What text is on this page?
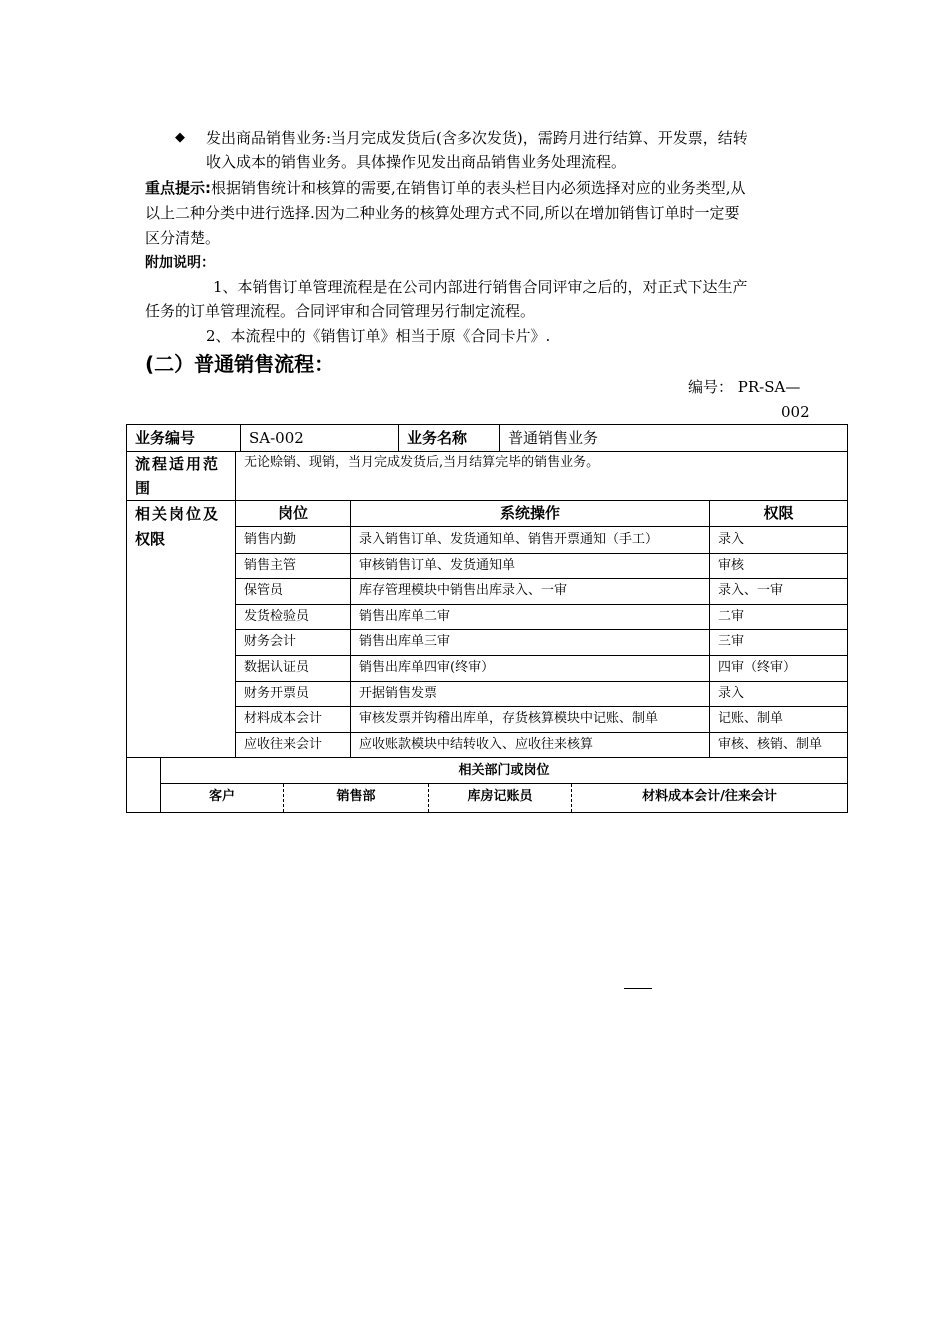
◆ 发出商品销售业务:当月完成发货后(含多次发货)，需跨月进行结算、开发票，结转
收入成本的销售业务。具体操作见发出商品销售业务处理流程。
重点提示:根据销售统计和核算的需要,在销售订单的表头栏目内必须选择对应的业务类型,从
以上二种分类中进行选择.因为二种业务的核算处理方式不同,所以在增加销售订单时一定要
区分清楚。
附加说明：
1、本销售订单管理流程是在公司内部进行销售合同评审之后的，对正式下达生产
任务的订单管理流程。合同评审和合同管理另行制定流程。
2、本流程中的《销售订单》相当于原《合同卡片》.
(二）普通销售流程：
编号： PR-SA—
002
业务编号	SA-002	业务名称	普通销售业务
流程适用范
围
无论赊销、现销，当月完成发货后,当月结算完毕的销售业务。
相关岗位及
权限
岗位	系统操作	权限
销售内勤	录入销售订单、发货通知单、销售开票通知（手工）	录入
销售主管	审核销售订单、发货通知单	审核
保管员	库存管理模块中销售出库录入、一审	录入、一审
发货检验员	销售出库单二审	二审
财务会计	销售出库单三审	三审
数据认证员	销售出库单四审(终审）	四审（终审）
财务开票员	开据销售发票	录入
材料成本会计	审核发票并钩稽出库单，存货核算模块中记账、制单	记账、制单
应收往来会计	应收账款模块中结转收入、应收往来核算	审核、核销、制单
相关部门或岗位
客户	销售部	库房记账员	材料成本会计/往来会计
